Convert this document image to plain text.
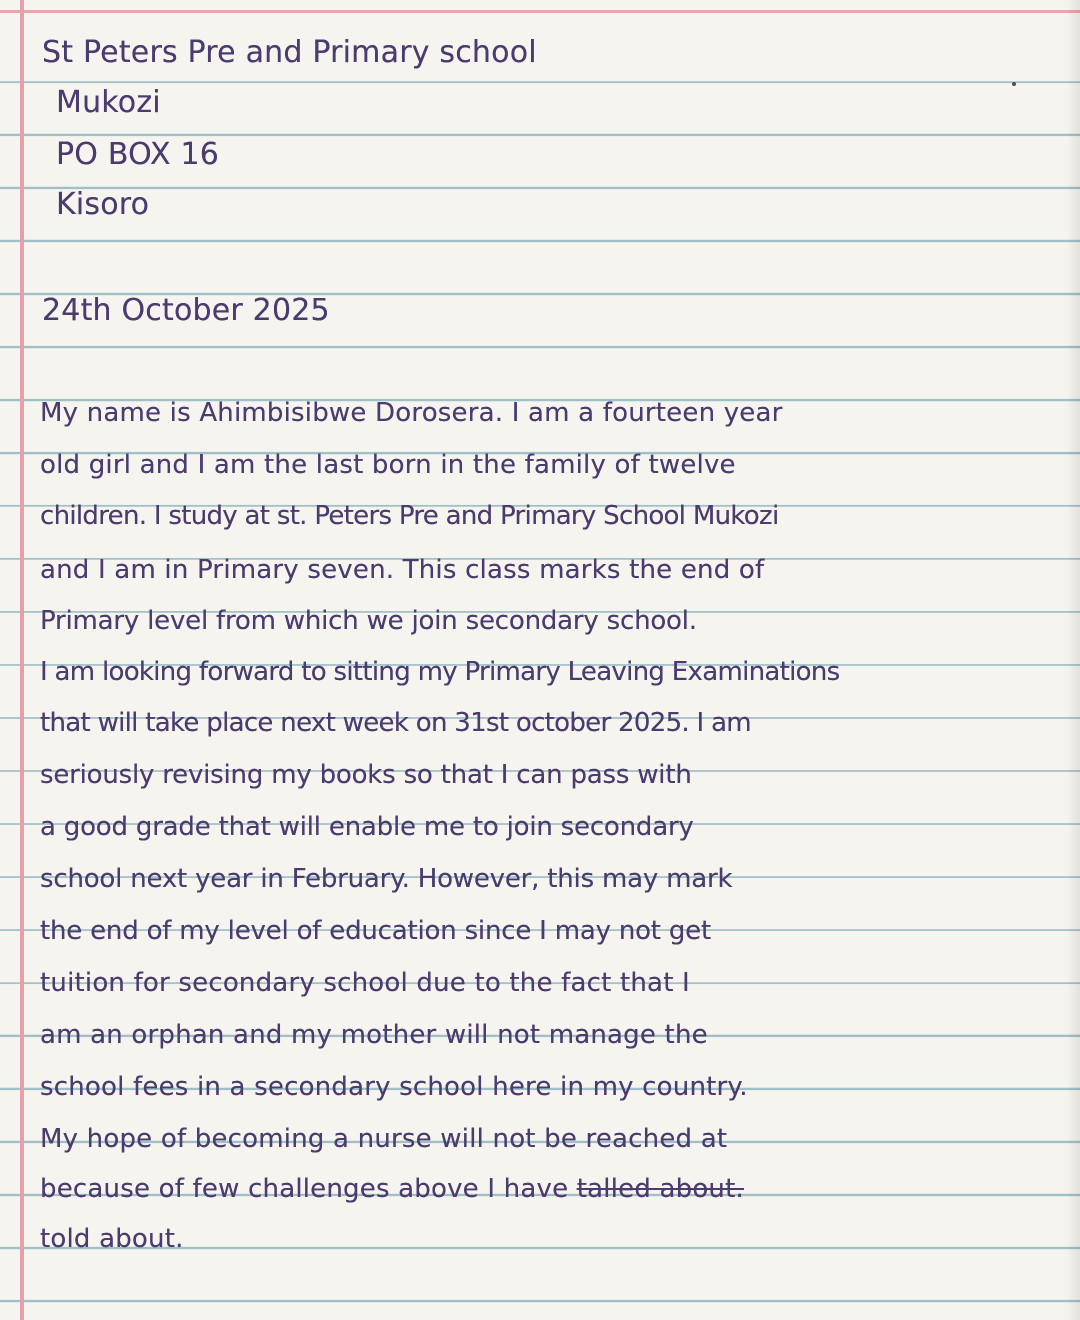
St Peters Pre and Primary school
Mukozi
PO BOX 16
Kisoro
24th October 2025
My name is Ahimbisibwe Dorosera. I am a fourteen year
old girl and I am the last born in the family of twelve
children. I study at st. Peters Pre and Primary School Mukozi
and I am in Primary seven. This class marks the end of
Primary level from which we join secondary school.
I am looking forward to sitting my Primary Leaving Examinations
that will take place next week on 31st october 2025. I am
seriously revising my books so that I can pass with
a good grade that will enable me to join secondary
school next year in February. However, this may mark
the end of my level of education since I may not get
tuition for secondary school due to the fact that I
am an orphan and my mother will not manage the
school fees in a secondary school here in my country.
My hope of becoming a nurse will not be reached at
because of few challenges above I have talled about.
told about.
